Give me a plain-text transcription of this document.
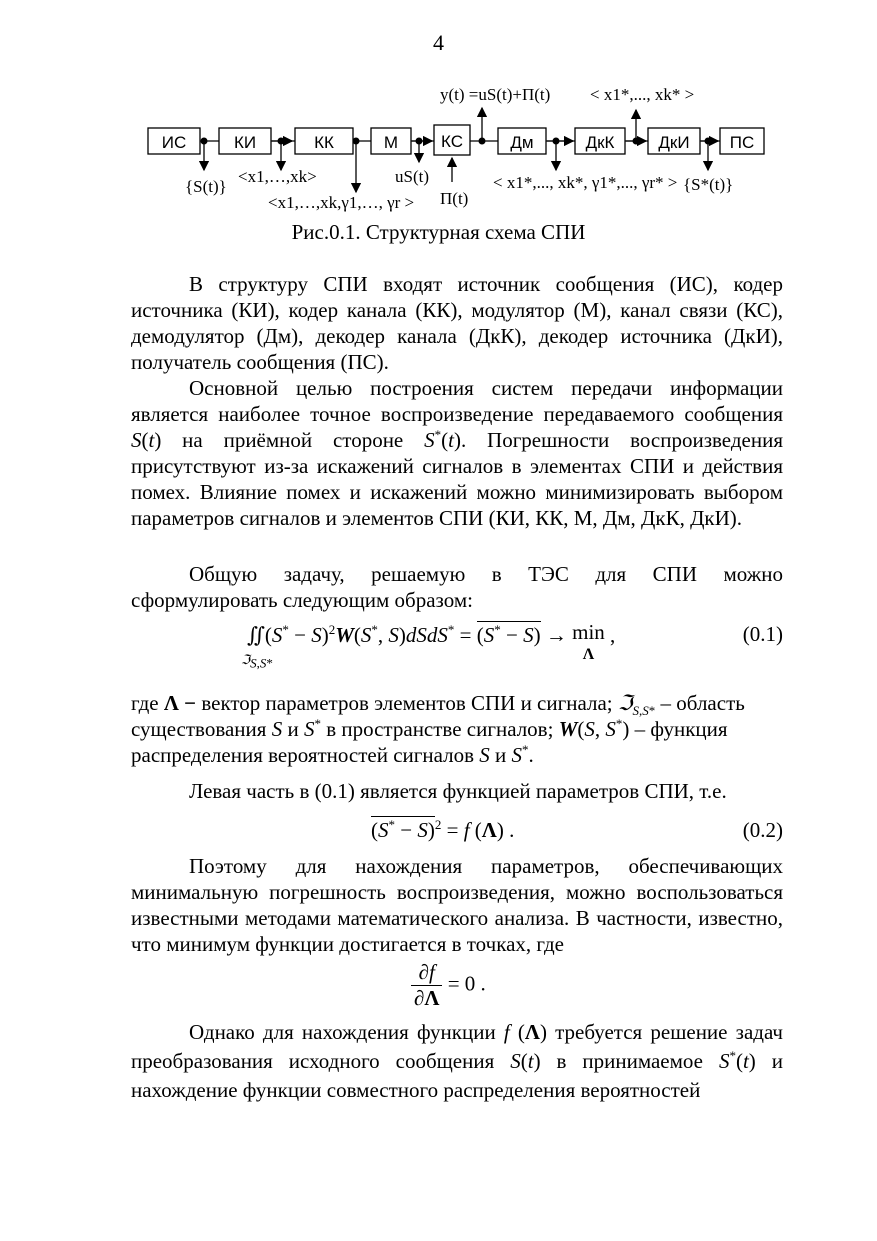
4
ИС	КИ	КК	М	КС	Дм	ДкК	ДкИ ПС
y(t) =uS(t)+П(t) < x1*,..., xk* >
{S(t)}
<x1,…,xk>
<x1,…,xk,γ1,…, γr >
uS(t)
П(t)
< x1*,..., xk*, γ1*,..., γr* > {S*(t)}
Рис.0.1. Структурная схема СПИ

В структуру СПИ входят источник сообщения (ИС), кодер источника (КИ), кодер канала (КК), модулятор (М), канал связи (КС), демодулятор (Дм), декодер канала (ДкК), декодер источника (ДкИ), получатель сообщения (ПС).

Основной целью построения систем передачи информации является наиболее точное воспроизведение передаваемого сообщения S(t) на приёмной стороне S*(t). Погрешности воспроизведения присутствуют из-за искажений сигналов в элементах СПИ и действия помех. Влияние помех и искажений можно минимизировать выбором параметров сигналов и элементов СПИ (КИ, КК, М, Дм, ДкК, ДкИ).

Общую задачу, решаемую в ТЭС для СПИ можно сформулировать следующим образом:

∬(S* − S)$^2$W(S*, S)dSdS* = (S* − S) → min
Λ ,
ℑ$_{S,S*}$
(0.1)

где Λ − вектор параметров элементов СПИ и сигнала; ℑ$_{S,S*}$ – область существования S и S* в пространстве сигналов; W(S, S*) – функция распределения вероятностей сигналов S и S*.

Левая часть в (0.1) является функцией параметров СПИ, т.е.

$(S^* - S)^2 = f$ (Λ) .	(0.2)

Поэтому для нахождения параметров, обеспечивающих минимальную погрешность воспроизведения, можно воспользоваться известными методами математического анализа. В частности, известно, что минимум функции достигается в точках, где

$\frac{\partial f}{\partial\Lambda} = 0$ .

Однако для нахождения функции f (Λ) требуется решение задач преобразования исходного сообщения S(t) в принимаемое S*(t) и нахождение функции совместного распределения вероятностей
